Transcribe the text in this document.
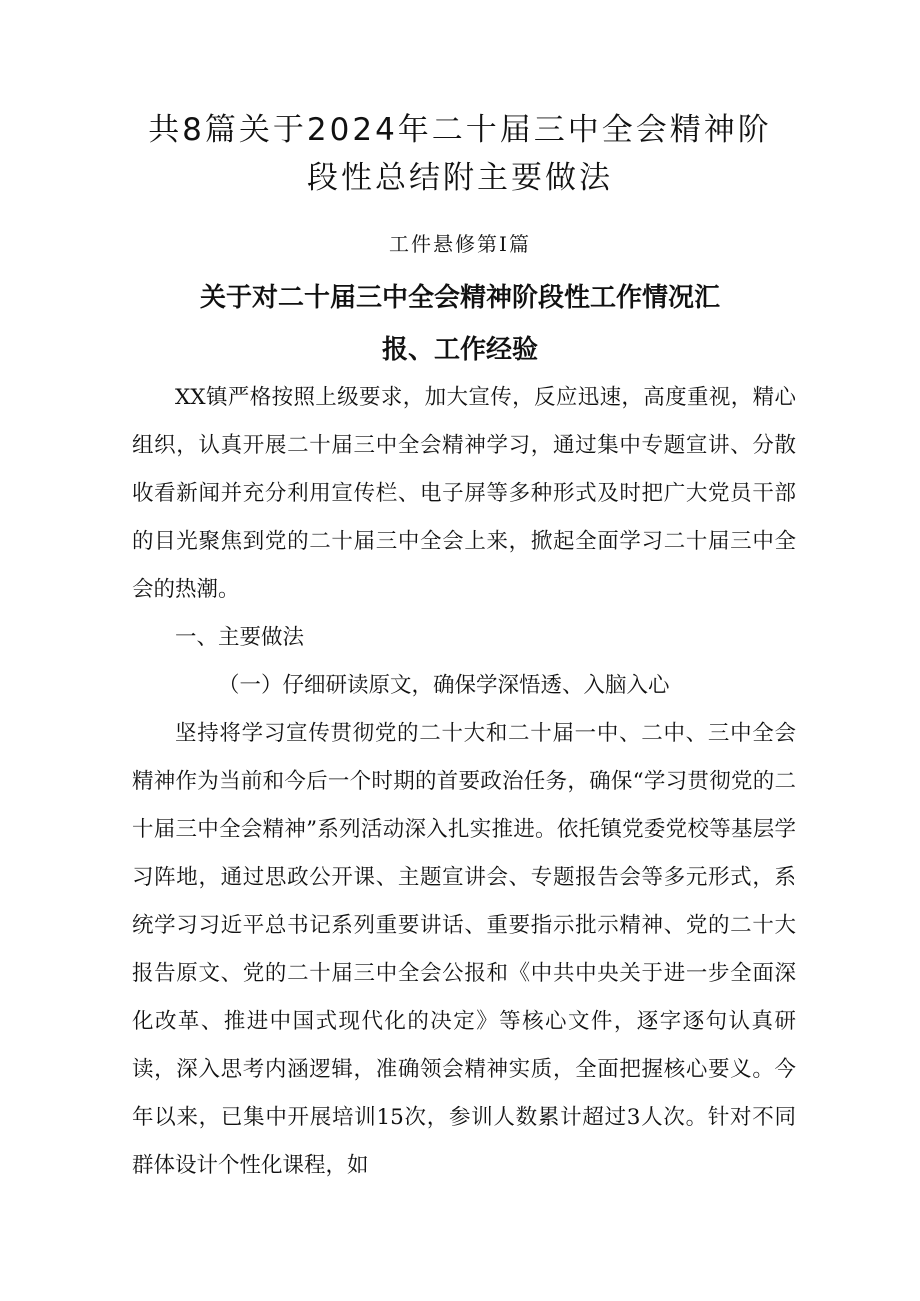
共8篇关于2024年二十届三中全会精神阶
段性总结附主要做法

工件悬修第Ⅰ篇

关于对二十届三中全会精神阶段性工作情况汇
报、工作经验

XX镇严格按照上级要求，加大宣传，反应迅速，高度重视，精心组织，认真开展二十届三中全会精神学习，通过集中专题宣讲、分散收看新闻并充分利用宣传栏、电子屏等多种形式及时把广大党员干部的目光聚焦到党的二十届三中全会上来，掀起全面学习二十届三中全会的热潮。

一、主要做法

（一）仔细研读原文，确保学深悟透、入脑入心

坚持将学习宣传贯彻党的二十大和二十届一中、二中、三中全会精神作为当前和今后一个时期的首要政治任务，确保“学习贯彻党的二十届三中全会精神”系列活动深入扎实推进。依托镇党委党校等基层学习阵地，通过思政公开课、主题宣讲会、专题报告会等多元形式，系统学习习近平总书记系列重要讲话、重要指示批示精神、党的二十大报告原文、党的二十届三中全会公报和《中共中央关于进一步全面深化改革、推进中国式现代化的决定》等核心文件，逐字逐句认真研读，深入思考内涵逻辑，准确领会精神实质，全面把握核心要义。今年以来，已集中开展培训15次，参训人数累计超过3人次。针对不同群体设计个性化课程，如
